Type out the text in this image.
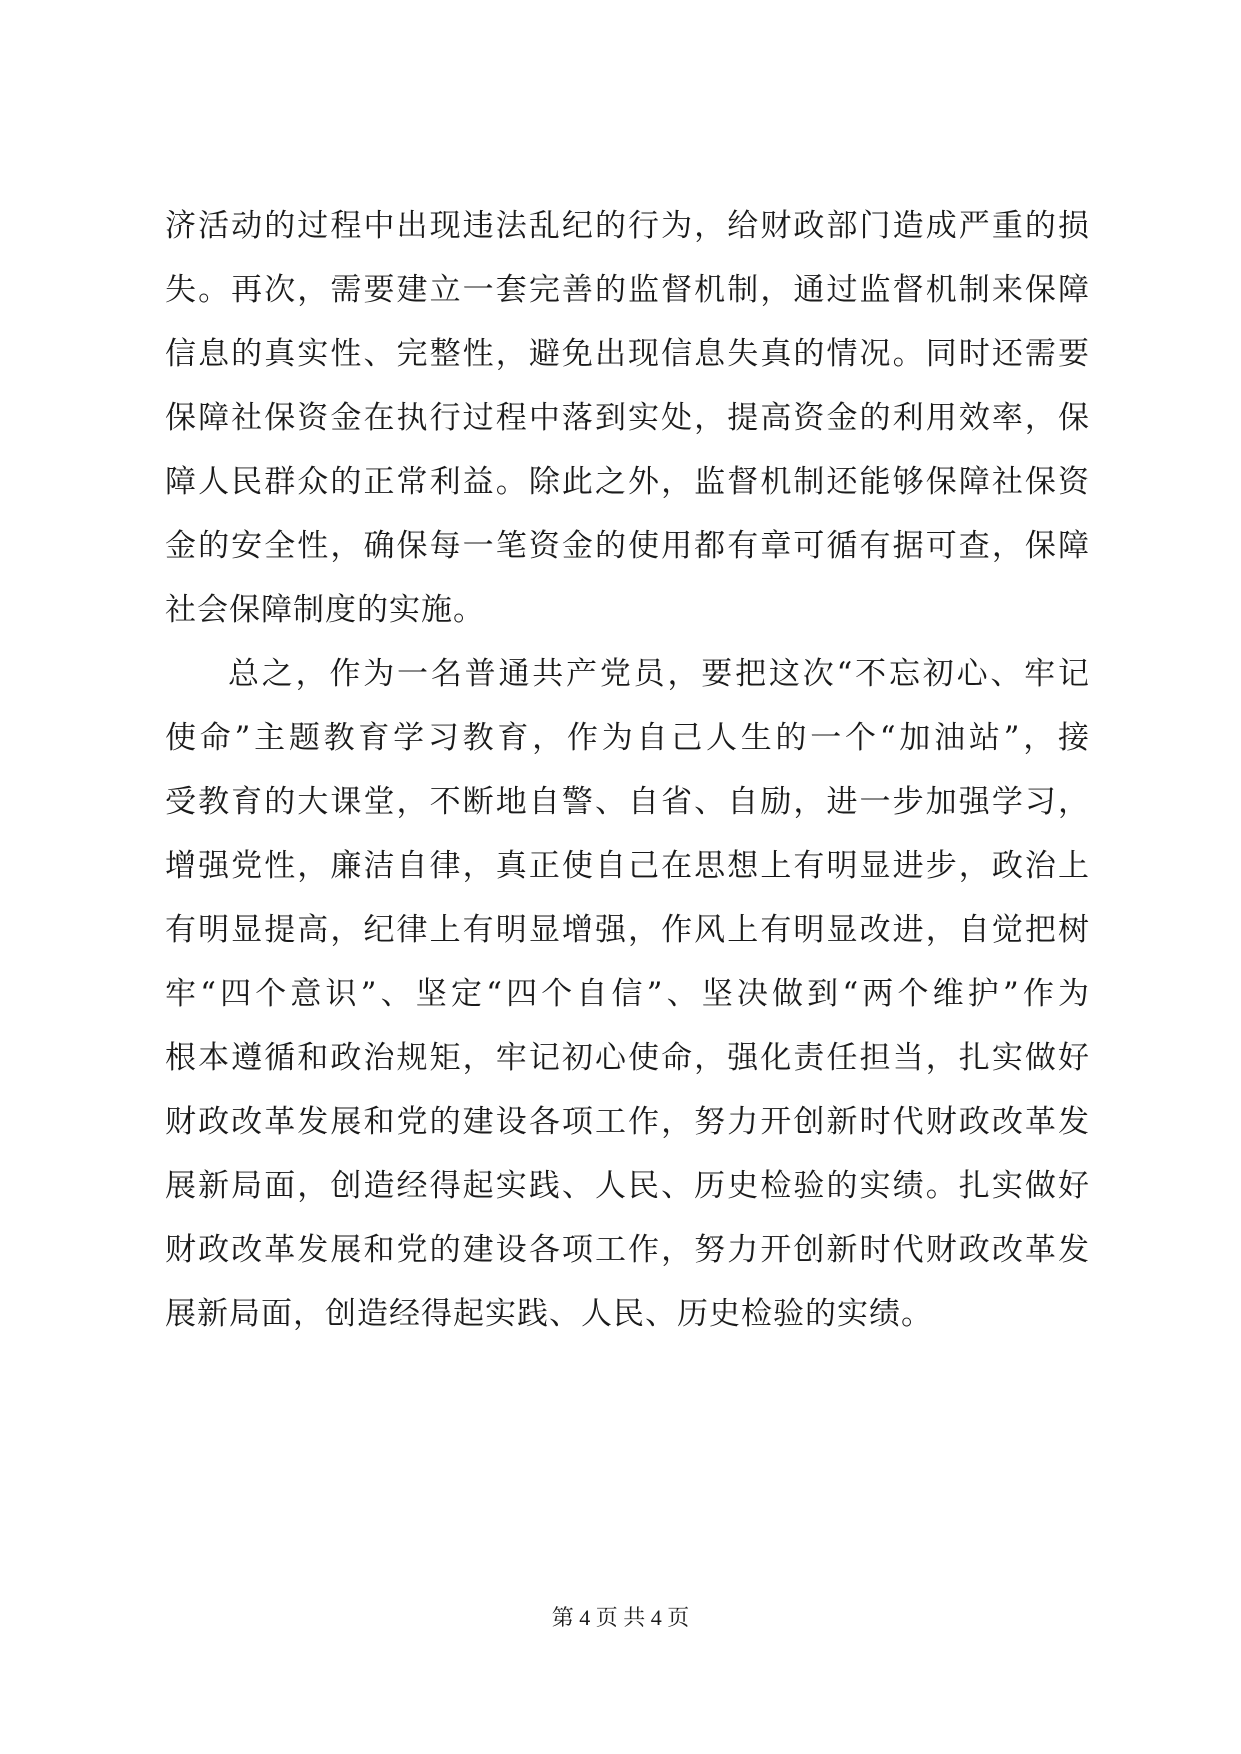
济活动的过程中出现违法乱纪的行为，给财政部门造成严重的损
失。再次，需要建立一套完善的监督机制，通过监督机制来保障
信息的真实性、完整性，避免出现信息失真的情况。同时还需要
保障社保资金在执行过程中落到实处，提高资金的利用效率，保
障人民群众的正常利益。除此之外，监督机制还能够保障社保资
金的安全性，确保每一笔资金的使用都有章可循有据可查，保障
社会保障制度的实施。
总之，作为一名普通共产党员，要把这次“不忘初心、牢记
使命”主题教育学习教育，作为自己人生的一个“加油站”，接
受教育的大课堂，不断地自警、自省、自励，进一步加强学习，
增强党性，廉洁自律，真正使自己在思想上有明显进步，政治上
有明显提高，纪律上有明显增强，作风上有明显改进，自觉把树
牢“四个意识”、坚定“四个自信”、坚决做到“两个维护”作为
根本遵循和政治规矩，牢记初心使命，强化责任担当，扎实做好
财政改革发展和党的建设各项工作，努力开创新时代财政改革发
展新局面，创造经得起实践、人民、历史检验的实绩。扎实做好
财政改革发展和党的建设各项工作，努力开创新时代财政改革发
展新局面，创造经得起实践、人民、历史检验的实绩。
第 4 页 共 4 页
